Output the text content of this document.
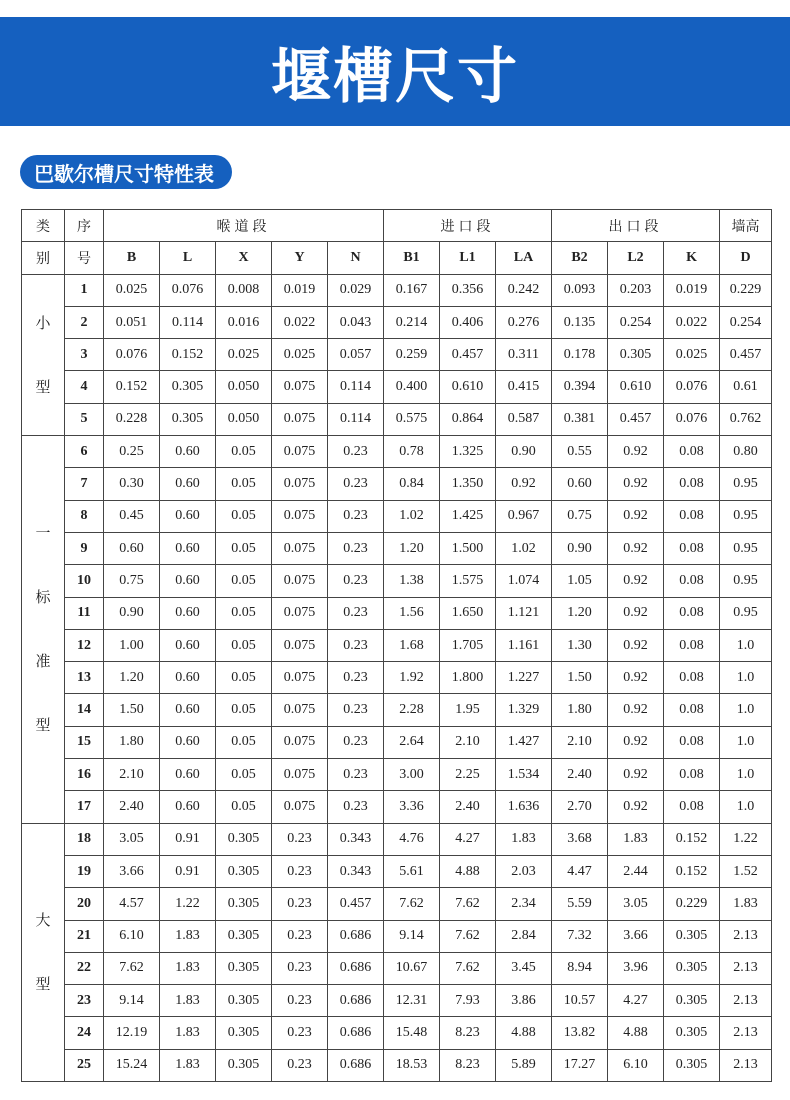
堰槽尺寸
巴歇尔槽尺寸特性表
类	序	喉道段					进口段			出口段			墙高
别	号	B	L	X	Y	N	B1	L1	LA	B2	L2	K	D

小
型	1	0.025	0.076	0.008	0.019	0.029	0.167	0.356	0.242	0.093	0.203	0.019	0.229
	2	0.051	0.114	0.016	0.022	0.043	0.214	0.406	0.276	0.135	0.254	0.022	0.254
	3	0.076	0.152	0.025	0.025	0.057	0.259	0.457	0.311	0.178	0.305	0.025	0.457
	4	0.152	0.305	0.050	0.075	0.114	0.400	0.610	0.415	0.394	0.610	0.076	0.61
	5	0.228	0.305	0.050	0.075	0.114	0.575	0.864	0.587	0.381	0.457	0.076	0.762

一
标
准
型	6	0.25	0.60	0.05	0.075	0.23	0.78	1.325	0.90	0.55	0.92	0.08	0.80
	7	0.30	0.60	0.05	0.075	0.23	0.84	1.350	0.92	0.60	0.92	0.08	0.95
	8	0.45	0.60	0.05	0.075	0.23	1.02	1.425	0.967	0.75	0.92	0.08	0.95
	9	0.60	0.60	0.05	0.075	0.23	1.20	1.500	1.02	0.90	0.92	0.08	0.95
	10	0.75	0.60	0.05	0.075	0.23	1.38	1.575	1.074	1.05	0.92	0.08	0.95
	11	0.90	0.60	0.05	0.075	0.23	1.56	1.650	1.121	1.20	0.92	0.08	0.95
	12	1.00	0.60	0.05	0.075	0.23	1.68	1.705	1.161	1.30	0.92	0.08	1.0
	13	1.20	0.60	0.05	0.075	0.23	1.92	1.800	1.227	1.50	0.92	0.08	1.0
	14	1.50	0.60	0.05	0.075	0.23	2.28	1.95	1.329	1.80	0.92	0.08	1.0
	15	1.80	0.60	0.05	0.075	0.23	2.64	2.10	1.427	2.10	0.92	0.08	1.0
	16	2.10	0.60	0.05	0.075	0.23	3.00	2.25	1.534	2.40	0.92	0.08	1.0
	17	2.40	0.60	0.05	0.075	0.23	3.36	2.40	1.636	2.70	0.92	0.08	1.0

大
型	18	3.05	0.91	0.305	0.23	0.343	4.76	4.27	1.83	3.68	1.83	0.152	1.22
	19	3.66	0.91	0.305	0.23	0.343	5.61	4.88	2.03	4.47	2.44	0.152	1.52
	20	4.57	1.22	0.305	0.23	0.457	7.62	7.62	2.34	5.59	3.05	0.229	1.83
	21	6.10	1.83	0.305	0.23	0.686	9.14	7.62	2.84	7.32	3.66	0.305	2.13
	22	7.62	1.83	0.305	0.23	0.686	10.67	7.62	3.45	8.94	3.96	0.305	2.13
	23	9.14	1.83	0.305	0.23	0.686	12.31	7.93	3.86	10.57	4.27	0.305	2.13
	24	12.19	1.83	0.305	0.23	0.686	15.48	8.23	4.88	13.82	4.88	0.305	2.13
	25	15.24	1.83	0.305	0.23	0.686	18.53	8.23	5.89	17.27	6.10	0.305	2.13
